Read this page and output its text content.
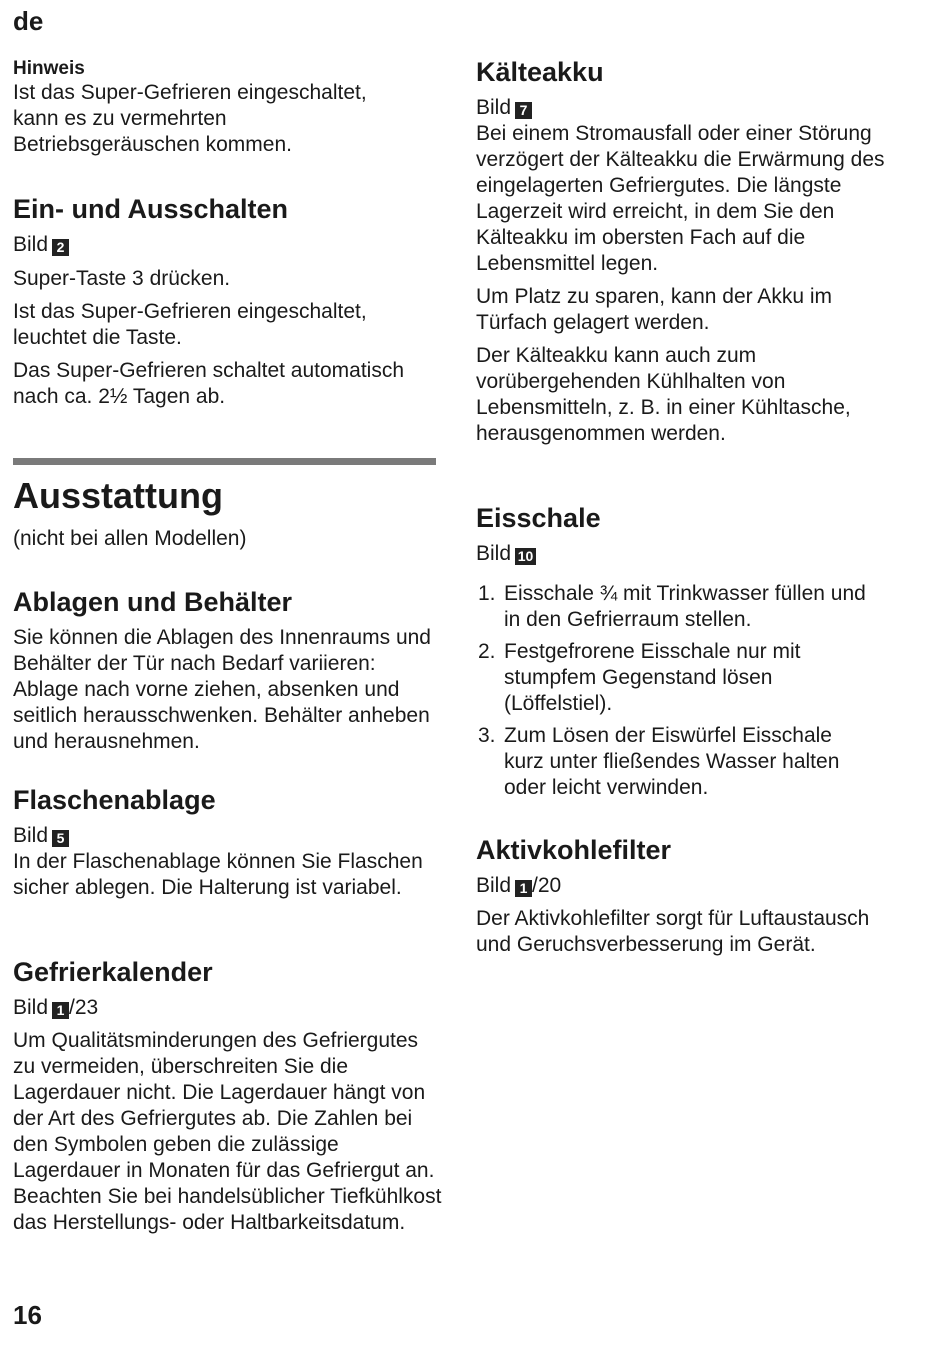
de
Hinweis

Ist das Super-Gefrieren eingeschaltet, kann es zu vermehrten Betriebsgeräuschen kommen.

Ein- und Ausschalten

Bild 2

Super-Taste 3 drücken.

Ist das Super-Gefrieren eingeschaltet, leuchtet die Taste.

Das Super-Gefrieren schaltet automatisch nach ca. 2½ Tagen ab.

Ausstattung

(nicht bei allen Modellen)

Ablagen und Behälter

Sie können die Ablagen des Innenraums und Behälter der Tür nach Bedarf variieren: Ablage nach vorne ziehen, absenken und seitlich herausschwenken. Behälter anheben und herausnehmen.

Flaschenablage

Bild 5

In der Flaschenablage können Sie Flaschen sicher ablegen. Die Halterung ist variabel.

Gefrierkalender

Bild 1 /23

Um Qualitätsminderungen des Gefriergutes zu vermeiden, überschreiten Sie die Lagerdauer nicht. Die Lagerdauer hängt von der Art des Gefriergutes ab. Die Zahlen bei den Symbolen geben die zulässige Lagerdauer in Monaten für das Gefriergut an. Beachten Sie bei handelsüblicher Tiefkühlkost das Herstellungs- oder Haltbarkeitsdatum.

Kälteakku

Bild 7

Bei einem Stromausfall oder einer Störung verzögert der Kälteakku die Erwärmung des eingelagerten Gefriergutes. Die längste Lagerzeit wird erreicht, in dem Sie den Kälteakku im obersten Fach auf die Lebensmittel legen.

Um Platz zu sparen, kann der Akku im Türfach gelagert werden.

Der Kälteakku kann auch zum vorübergehenden Kühlhalten von Lebensmitteln, z. B. in einer Kühltasche, herausgenommen werden.

Eisschale

Bild 10

1. Eisschale ¾ mit Trinkwasser füllen und in den Gefrierraum stellen.
2. Festgefrorene Eisschale nur mit stumpfem Gegenstand lösen (Löffelstiel).
3. Zum Lösen der Eiswürfel Eisschale kurz unter fließendes Wasser halten oder leicht verwinden.
Aktivkohlefilter

Bild 1 /20

Der Aktivkohlefilter sorgt für Luftaustausch und Geruchsverbesserung im Gerät.

16
